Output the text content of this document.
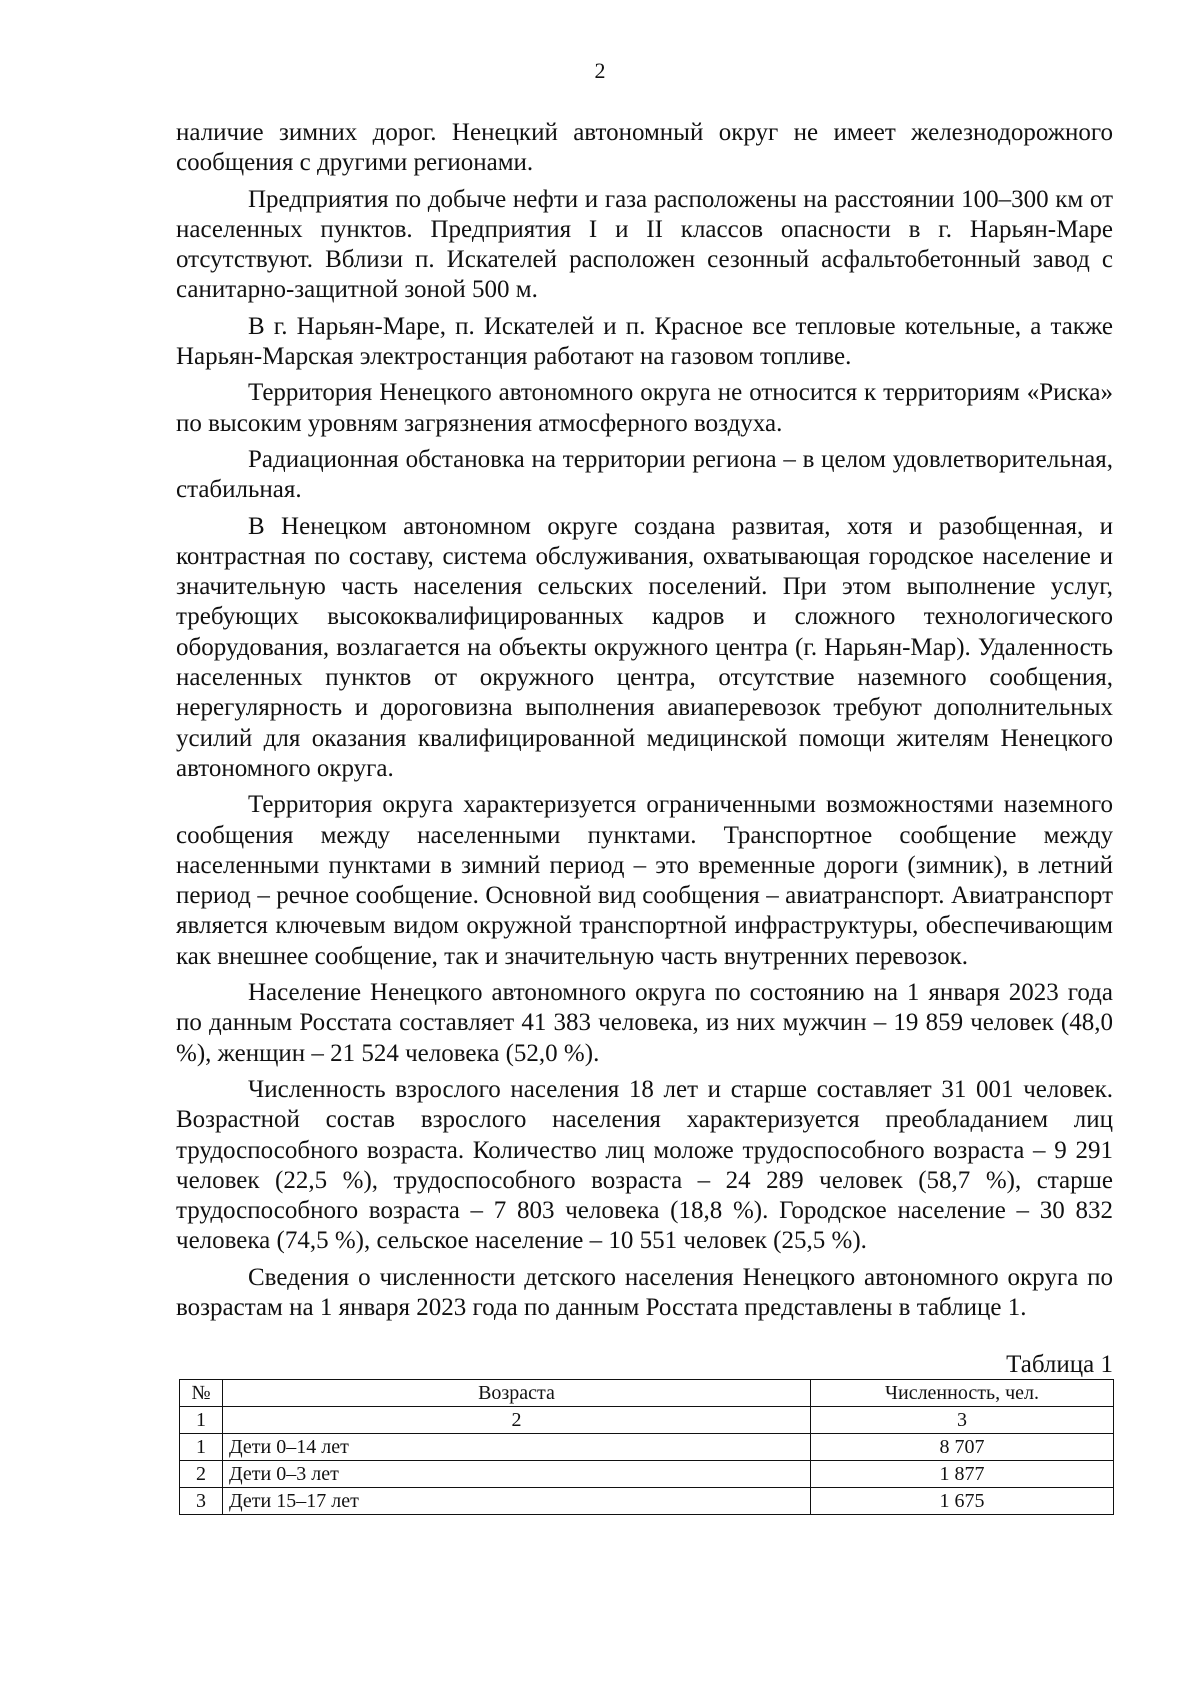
2

наличие зимних дорог. Ненецкий автономный округ не имеет железнодорожного сообщения с другими регионами.

Предприятия по добыче нефти и газа расположены на расстоянии 100–300 км от населенных пунктов. Предприятия I и II классов опасности в г. Нарьян-Маре отсутствуют. Вблизи п. Искателей расположен сезонный асфальтобетонный завод с санитарно-защитной зоной 500 м.

В г. Нарьян-Маре, п. Искателей и п. Красное все тепловые котельные, а также Нарьян-Марская электростанция работают на газовом топливе.

Территория Ненецкого автономного округа не относится к территориям «Риска» по высоким уровням загрязнения атмосферного воздуха.

Радиационная обстановка на территории региона – в целом удовлетворительная, стабильная.

В Ненецком автономном округе создана развитая, хотя и разобщенная, и контрастная по составу, система обслуживания, охватывающая городское население и значительную часть населения сельских поселений. При этом выполнение услуг, требующих высококвалифицированных кадров и сложного технологического оборудования, возлагается на объекты окружного центра (г. Нарьян-Мар). Удаленность населенных пунктов от окружного центра, отсутствие наземного сообщения, нерегулярность и дороговизна выполнения авиаперевозок требуют дополнительных усилий для оказания квалифицированной медицинской помощи жителям Ненецкого автономного округа.

Территория округа характеризуется ограниченными возможностями наземного сообщения между населенными пунктами. Транспортное сообщение между населенными пунктами в зимний период – это временные дороги (зимник), в летний период – речное сообщение. Основной вид сообщения – авиатранспорт. Авиатранспорт является ключевым видом окружной транспортной инфраструктуры, обеспечивающим как внешнее сообщение, так и значительную часть внутренних перевозок.

Население Ненецкого автономного округа по состоянию на 1 января 2023 года по данным Росстата составляет 41 383 человека, из них мужчин – 19 859 человек (48,0 %), женщин – 21 524 человека (52,0 %).

Численность взрослого населения 18 лет и старше составляет 31 001 человек. Возрастной состав взрослого населения характеризуется преобладанием лиц трудоспособного возраста. Количество лиц моложе трудоспособного возраста – 9 291 человек (22,5 %), трудоспособного возраста – 24 289 человек (58,7 %), старше трудоспособного возраста – 7 803 человека (18,8 %). Городское население – 30 832 человека (74,5 %), сельское население – 10 551 человек (25,5 %).

Сведения о численности детского населения Ненецкого автономного округа по возрастам на 1 января 2023 года по данным Росстата представлены в таблице 1.

Таблица 1
№	Возраста	Численность, чел.
1	2	3
1	Дети 0–14 лет	8 707
2	Дети 0–3 лет	1 877
3	Дети 15–17 лет	1 675
